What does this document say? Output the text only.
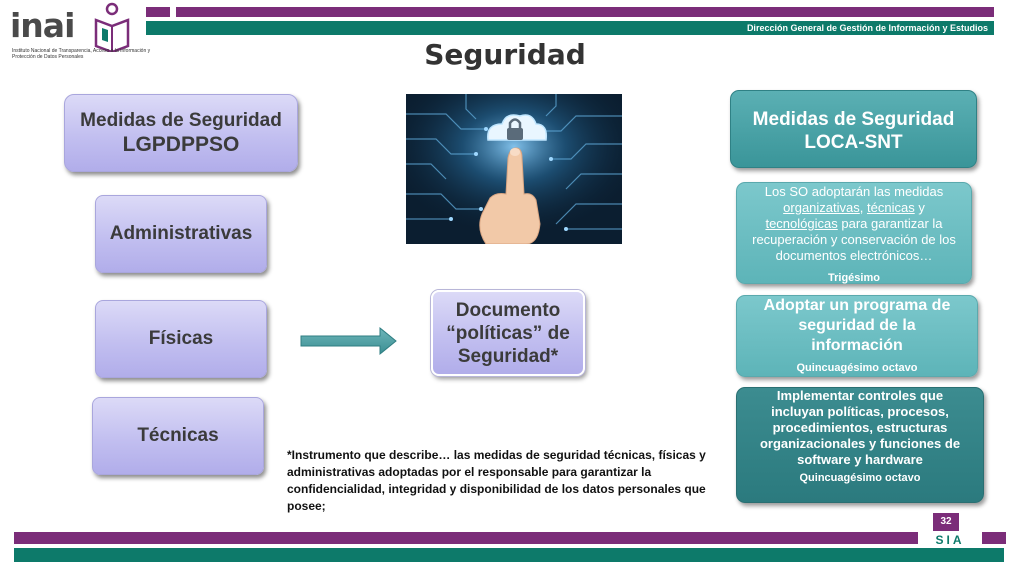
inai
Instituto Nacional de Transparencia, Acceso a la Información y Protección de Datos Personales
Dirección General de Gestión de Información y Estudios
Seguridad
Medidas de Seguridad
LGPDPPSO
Administrativas
Físicas
Técnicas
Documento
“políticas” de
Seguridad*
*Instrumento que describe… las medidas de seguridad técnicas, físicas y administrativas adoptadas por el responsable para garantizar la confidencialidad, integridad y disponibilidad de los datos personales que posee;
Medidas de Seguridad
LOCA-SNT
Los SO adoptarán las medidas
organizativas, técnicas y
tecnológicas para garantizar la recuperación y conservación de los documentos electrónicos…
Trigésimo
Adoptar un programa de seguridad de la información
Quincuagésimo octavo
Implementar controles que incluyan políticas, procesos, procedimientos, estructuras organizacionales y funciones de software y hardware
Quincuagésimo octavo
32
SIA
